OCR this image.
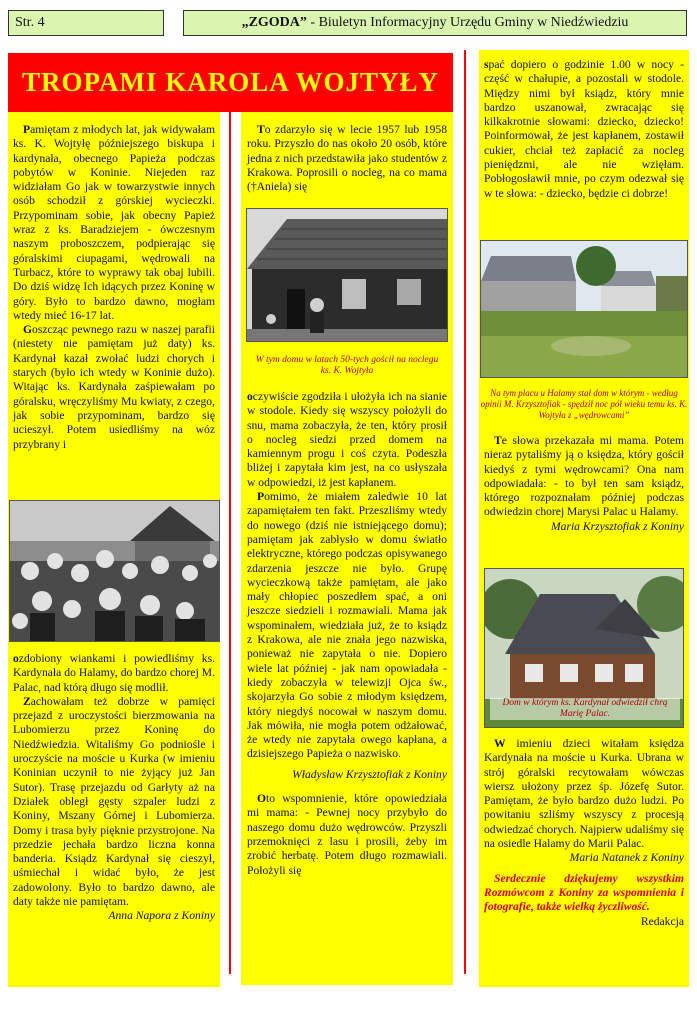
Str. 4	„ZGODA” - Biuletyn Informacyjny Urzędu Gminy w Niedźwiedziu
TROPAMI KAROLA WOJTYŁY

Pamiętam z młodych lat, jak widywałam ks. K. Wojtyłę późniejszego biskupa i kardynała, obecnego Papieża podczas pobytów w Koninie. Niejeden raz widziałam Go jak w towarzystwie innych osób schodził z górskiej wycieczki. Przypominam sobie, jak obecny Papież wraz z ks. Baradziejem - ówczesnym naszym proboszczem, podpierając się góralskimi ciupagami, wędrowali na Turbacz, które to wyprawy tak obaj lubili. Do dziś widzę Ich idących przez Koninę w góry. Było to bardzo dawno, mogłam wtedy mieć 16-17 lat.

Goszcząc pewnego razu w naszej parafii (niestety nie pamiętam już daty) ks. Kardynał kazał zwołać ludzi chorych i starych (było ich wtedy w Koninie dużo). Witając ks. Kardynała zaśpiewałam po góralsku, wręczyliśmy Mu kwiaty, z czego, jak sobie przypominam, bardzo się ucieszył. Potem usiedliśmy na wóz przybrany i

ozdobiony wiankami i powiedliśmy ks. Kardynała do Halamy, do bardzo chorej M. Palac, nad którą długo się modlił.

Zachowałam też dobrze w pamięci przejazd z uroczystości bierzmowania na Lubomierzu przez Koninę do Niedźwiedzia. Witaliśmy Go podniośle i uroczyście na moście u Kurka (w imieniu Koninian uczynił to nie żyjący już Jan Sutor). Trasę przejazdu od Garłyty aż na Działek obległ gęsty szpaler ludzi z Koniny, Mszany Górnej i Lubomierza. Domy i trasa były pięknie przystrojone. Na przedzie jechała bardzo liczna konna banderia. Ksiądz Kardynał się cieszył, uśmiechał i widać było, że jest zadowolony. Było to bardzo dawno, ale daty także nie pamiętam.

Anna Napora z Koniny

To zdarzyło się w lecie 1957 lub 1958 roku. Przyszło do nas około 20 osób, które jedna z nich przedstawiła jako studentów z Krakowa. Poprosili o nocleg, na co mama (†Aniela) się

W tym domu w latach 50-tych gościł na noclegu ks. K. Wojtyła

oczywiście zgodziła i ułożyła ich na sianie w stodole. Kiedy się wszyscy położyli do snu, mama zobaczyła, że ten, który prosił o nocleg siedzi przed domem na kamiennym progu i coś czyta. Podeszła bliżej i zapytała kim jest, na co usłyszała w odpowiedzi, iż jest kapłanem.

Pomimo, że miałem zaledwie 10 lat zapamiętałem ten fakt. Przeszliśmy wtedy do nowego (dziś nie istniejącego domu); pamiętam jak zabłysło w domu światło elektryczne, którego podczas opisywanego zdarzenia jeszcze nie było. Grupę wycieczkową także pamiętam, ale jako mały chłopiec poszedłem spać, a oni jeszcze siedzieli i rozmawiali. Mama jak wspominałem, wiedziała już, że to ksiądz z Krakowa, ale nie znała jego nazwiska, ponieważ nie zapytała o nie. Dopiero wiele lat później - jak nam opowiadała - kiedy zobaczyła w telewizji Ojca św., skojarzyła Go sobie z młodym księdzem, który niegdyś nocował w naszym domu. Jak mówiła, nie mogła potem odżałować, że wtedy nie zapytała owego kapłana, a dzisiejszego Papieża o nazwisko.

Władysław Krzysztofiak z Koniny

Oto wspomnienie, które opowiedziała mi mama: - Pewnej nocy przybyło do naszego domu dużo wędrowców. Przyszli przemoknięci z lasu i prosili, żeby im zrobić herbatę. Potem długo rozmawiali. Położyli się

spać dopiero o godzinie 1.00 w nocy - część w chałupie, a pozostali w stodole. Między nimi był ksiądz, który mnie bardzo uszanował, zwracając się kilkakrotnie słowami: dziecko, dziecko! Poinformował, że jest kapłanem, zostawił cukier, chciał też zapłacić za nocleg pieniędzmi, ale nie wzięłam. Pobłogosławił mnie, po czym odezwał się w te słowa: - dziecko, będzie ci dobrze!

Na tym placu u Halamy stał dom w którym - według opinii M. Krzysztofiak - spędził noc pół wieku temu ks. K. Wojtyła z „wędrowcami”

Te słowa przekazała mi mama. Potem nieraz pytaliśmy ją o księdza, który gościł kiedyś z tymi wędrowcami? Ona nam odpowiadała: - to był ten sam ksiądz, którego rozpoznałam później podczas odwiedzin chorej Marysi Palac u Halamy.

Maria Krzysztofiak z Koniny

Dom w którym ks. Kardynał odwiedził chrą Marię Palac.

W imieniu dzieci witałam księdza Kardynała na moście u Kurka. Ubrana w strój góralski recytowałam wówczas wiersz ułożony przez śp. Józefę Sutor. Pamiętam, że było bardzo dużo ludzi. Po powitaniu szliśmy wszyscy z procesją odwiedzać chorych. Najpierw udaliśmy się na osiedle Halamy do Marii Palac.

Maria Natanek z Koniny

Serdecznie dziękujemy wszystkim Rozmówcom z Koniny za wspomnienia i fotografie, także wielką życzliwość.

Redakcja
